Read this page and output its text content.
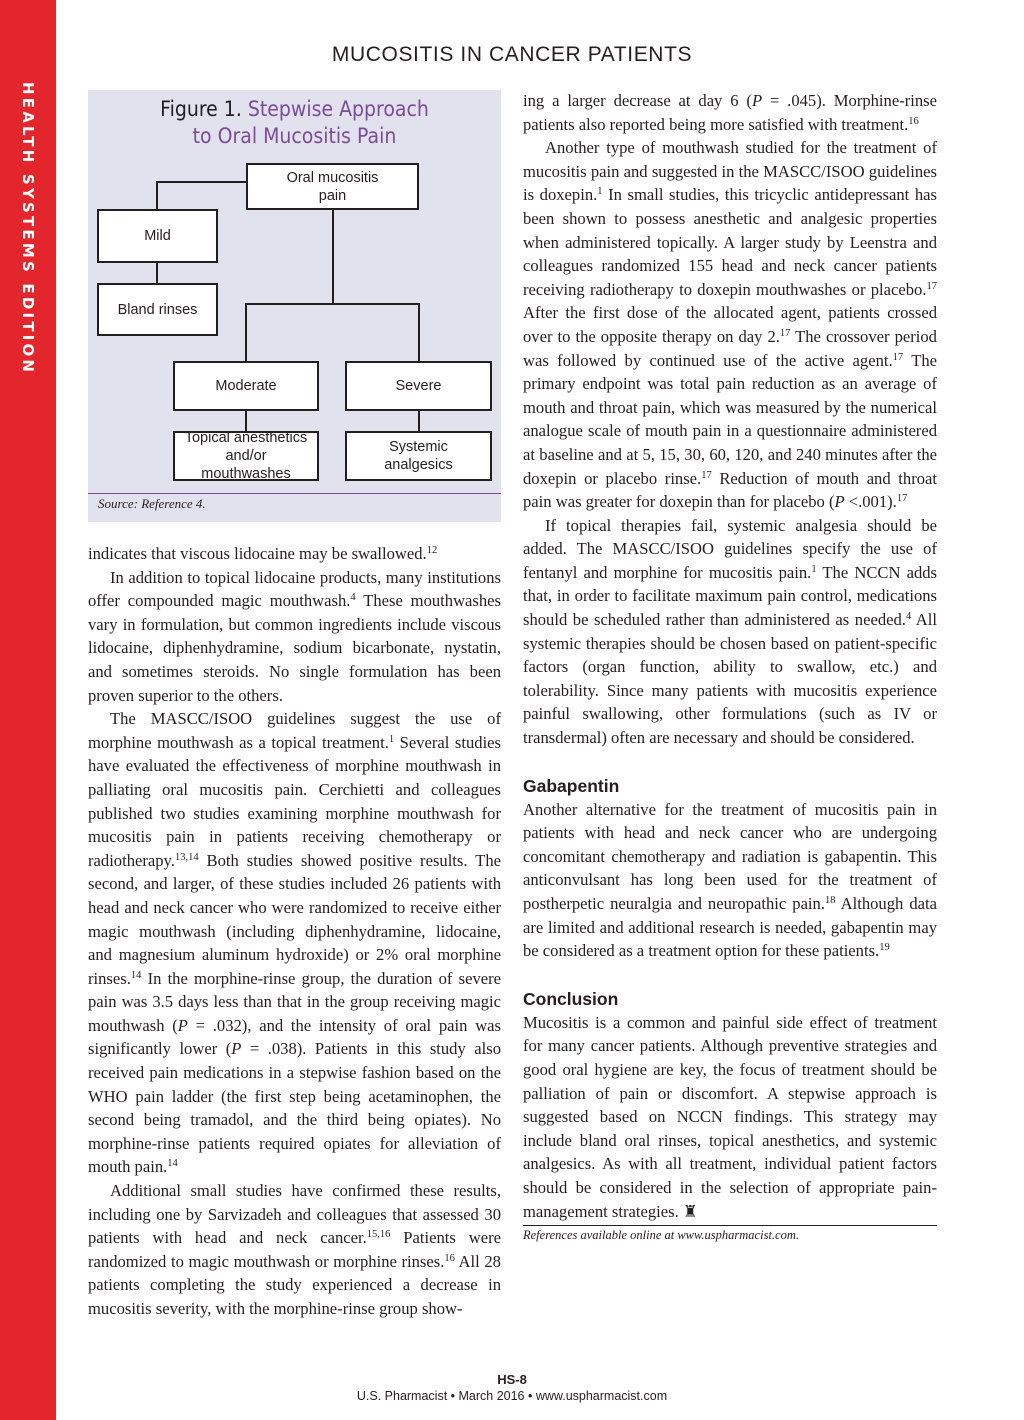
HEALTH SYSTEMS EDITION
MUCOSITIS IN CANCER PATIENTS
Figure 1. Stepwise Approach
to Oral Mucositis Pain
Oral mucositis pain
Mild
Bland rinses
Moderate	Severe
Topical anesthetics and/or mouthwashes
Systemic analgesics
Source: Reference 4.

indicates that viscous lidocaine may be swallowed.$^{12}$

In addition to topical lidocaine products, many institutions offer compounded magic mouthwash.$^4$ These mouthwashes vary in formulation, but common ingredients include viscous lidocaine, diphenhydramine, sodium bicarbonate, nystatin, and sometimes steroids. No single formulation has been proven superior to the others.

The MASCC/ISOO guidelines suggest the use of morphine mouthwash as a topical treatment.$^1$ Several studies have evaluated the effectiveness of morphine mouthwash in palliating oral mucositis pain. Cerchietti and colleagues published two studies examining morphine mouthwash for mucositis pain in patients receiving chemotherapy or radiotherapy.$^{13,14}$ Both studies showed positive results. The second, and larger, of these studies included 26 patients with head and neck cancer who were randomized to receive either magic mouthwash (including diphenhydramine, lidocaine, and magnesium aluminum hydroxide) or 2% oral morphine rinses.$^{14}$ In the morphine-rinse group, the duration of severe pain was 3.5 days less than that in the group receiving magic mouthwash (P = .032), and the intensity of oral pain was significantly lower (P = .038). Patients in this study also received pain medications in a stepwise fashion based on the WHO pain ladder (the first step being acetaminophen, the second being tramadol, and the third being opiates). No morphine-rinse patients required opiates for alleviation of mouth pain.$^{14}$

Additional small studies have confirmed these results, including one by Sarvizadeh and colleagues that assessed 30 patients with head and neck cancer.$^{15,16}$ Patients were randomized to magic mouthwash or morphine rinses.$^{16}$ All 28 patients completing the study experienced a decrease in mucositis severity, with the morphine-rinse group show-

ing a larger decrease at day 6 (P = .045). Morphine-rinse patients also reported being more satisfied with treatment.$^{16}$

Another type of mouthwash studied for the treatment of mucositis pain and suggested in the MASCC/ISOO guidelines is doxepin.$^1$ In small studies, this tricyclic antidepressant has been shown to possess anesthetic and analgesic properties when administered topically. A larger study by Leenstra and colleagues randomized 155 head and neck cancer patients receiving radiotherapy to doxepin mouthwashes or placebo.$^{17}$ After the first dose of the allocated agent, patients crossed over to the opposite therapy on day 2.17 The crossover period was followed by continued use of the active agent.$^{17}$ The primary endpoint was total pain reduction as an average of mouth and throat pain, which was measured by the numerical analogue scale of mouth pain in a questionnaire administered at baseline and at 5, 15, 30, 60, 120, and 240 minutes after the doxepin or placebo rinse.$^{17}$ Reduction of mouth and throat pain was greater for doxepin than for placebo (P <.001).$^{17}$

If topical therapies fail, systemic analgesia should be added. The MASCC/ISOO guidelines specify the use of fentanyl and morphine for mucositis pain.$^1$ The NCCN adds that, in order to facilitate maximum pain control, medications should be scheduled rather than administered as needed.$^4$ All systemic therapies should be chosen based on patient-specific factors (organ function, ability to swallow, etc.) and tolerability. Since many patients with mucositis experience painful swallowing, other formulations (such as IV or transdermal) often are necessary and should be considered.

Gabapentin

Another alternative for the treatment of mucositis pain in patients with head and neck cancer who are undergoing concomitant chemotherapy and radiation is gabapentin. This anticonvulsant has long been used for the treatment of postherpetic neuralgia and neuropathic pain.$^{18}$ Although data are limited and additional research is needed, gabapentin may be considered as a treatment option for these patients.$^{19}$

Conclusion

Mucositis is a common and painful side effect of treatment for many cancer patients. Although preventive strategies and good oral hygiene are key, the focus of treatment should be palliation of pain or discomfort. A stepwise approach is suggested based on NCCN findings. This strategy may include bland oral rinses, topical anesthetics, and systemic analgesics. As with all treatment, individual patient factors should be considered in the selection of appropriate pain-management strategies. ♜

References available online at www.uspharmacist.com.
HS-8
U.S. Pharmacist • March 2016 • www.uspharmacist.com
